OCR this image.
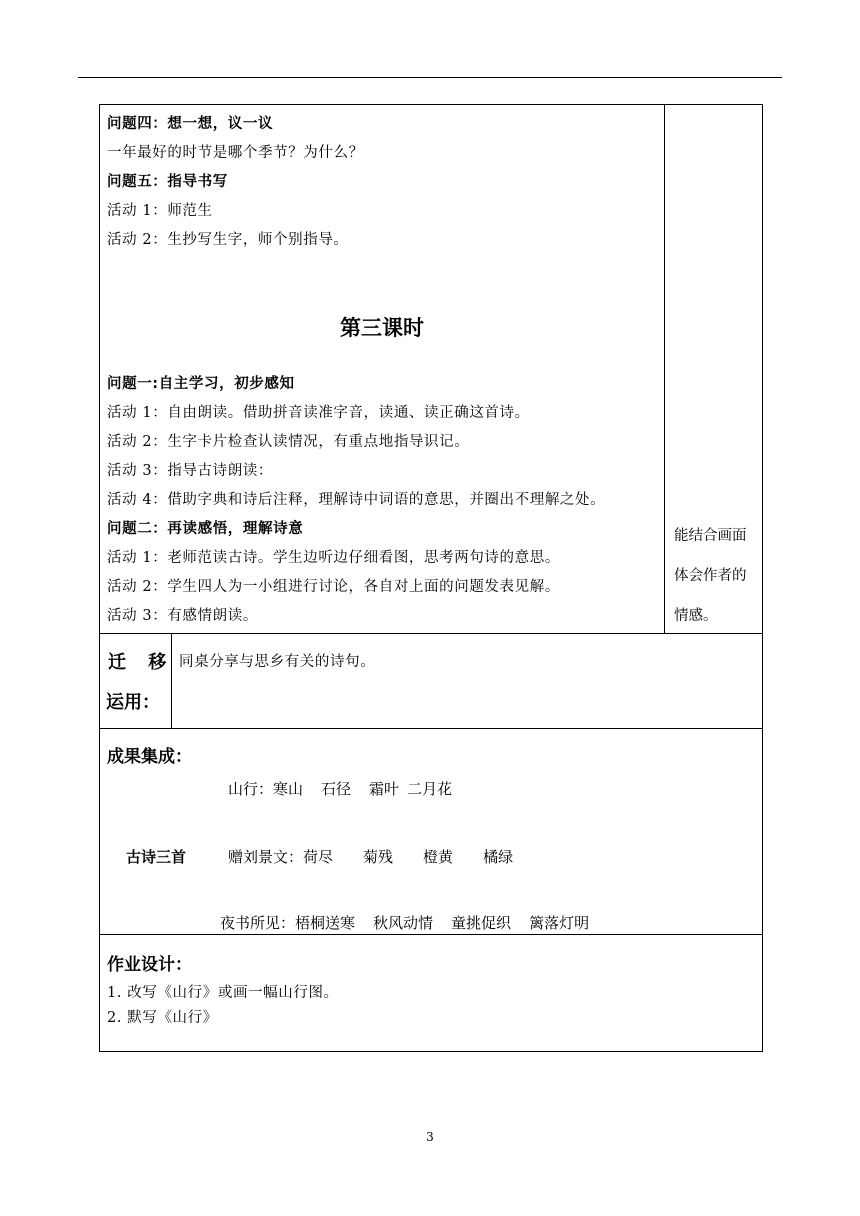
问题四：想一想，议一议
一年最好的时节是哪个季节？为什么？
问题五：指导书写
活动 1：师范生
活动 2：生抄写生字，师个别指导。
第三课时
问题一:自主学习，初步感知
活动 1：自由朗读。借助拼音读准字音，读通、读正确这首诗。
活动 2：生字卡片检查认读情况，有重点地指导识记。
活动 3：指导古诗朗读：
活动 4：借助字典和诗后注释，理解诗中词语的意思，并圈出不理解之处。
问题二：再读感悟，理解诗意
活动 1：老师范读古诗。学生边听边仔细看图，思考两句诗的意思。
活动 2：学生四人为一小组进行讨论，各自对上面的问题发表见解。
活动 3：有感情朗读。
能结合画面体会作者的情感。
迁 移
运用：
同桌分享与思乡有关的诗句。
成果集成：
山行：寒山 石径 霜叶 二月花
古诗三首	赠刘景文：荷尽 菊残 橙黄 橘绿
夜书所见：梧桐送寒 秋风动情 童挑促织 篱落灯明
作业设计：
1. 改写《山行》或画一幅山行图。
2. 默写《山行》
3
